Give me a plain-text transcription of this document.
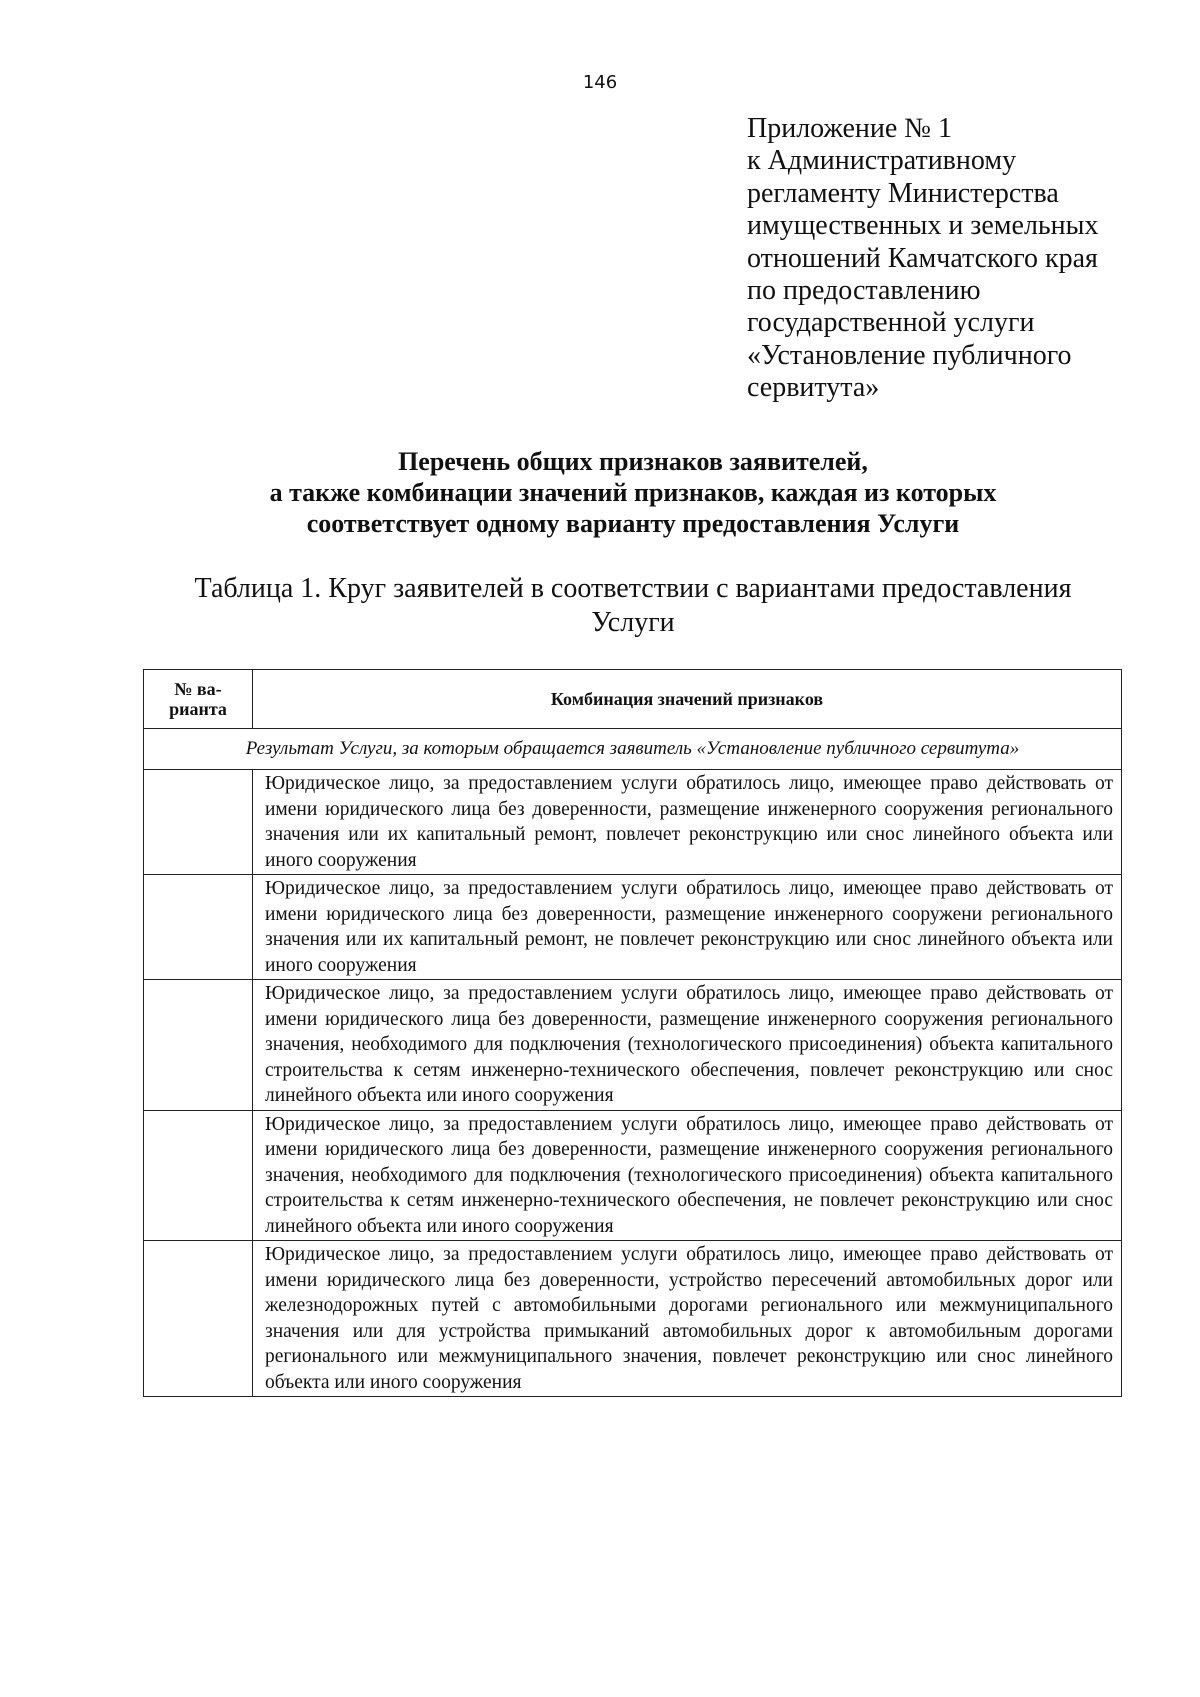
146
Приложение № 1
к Административному
регламенту Министерства
имущественных и земельных
отношений Камчатского края
по предоставлению
государственной услуги
«Установление публичного
сервитута»
Перечень общих признаков заявителей,
а также комбинации значений признаков, каждая из которых
соответствует одному варианту предоставления Услуги
Таблица 1. Круг заявителей в соответствии с вариантами предоставления
Услуги
№ ва-
рианта	Комбинация значений признаков
Результат Услуги, за которым обращается заявитель «Установление публичного сервитута»	
	Юридическое лицо, за предоставлением услуги обратилось лицо, имеющее право действовать от имени юридического лица без доверенности, размещение инженерного сооружения регионального значения или их капитальный ремонт, повлечет реконструкцию или снос линейного объекта или иного сооружения
	Юридическое лицо, за предоставлением услуги обратилось лицо, имеющее право действовать от имени юридического лица без доверенности, размещение инженерного сооружени регионального значения или их капитальный ремонт, не повлечет реконструкцию или снос линейного объекта или иного сооружения
	Юридическое лицо, за предоставлением услуги обратилось лицо, имеющее право действовать от имени юридического лица без доверенности, размещение инженерного сооружения регионального значения, необходимого для подключения (технологического присоединения) объекта капитального строительства к сетям инженерно-технического обеспечения, повлечет реконструкцию или снос линейного объекта или иного сооружения
	Юридическое лицо, за предоставлением услуги обратилось лицо, имеющее право действовать от имени юридического лица без доверенности, размещение инженерного сооружения регионального значения, необходимого для подключения (технологического присоединения) объекта капитального строительства к сетям инженерно-технического обеспечения, не повлечет реконструкцию или снос линейного объекта или иного сооружения
	Юридическое лицо, за предоставлением услуги обратилось лицо, имеющее право действовать от имени юридического лица без доверенности, устройство пересечений автомобильных дорог или железнодорожных путей с автомобильными дорогами регионального или межмуниципального значения или для устройства примыканий автомобильных дорог к автомобильным дорогами регионального или межмуниципального значения, повлечет реконструкцию или снос линейного объекта или иного сооружения
